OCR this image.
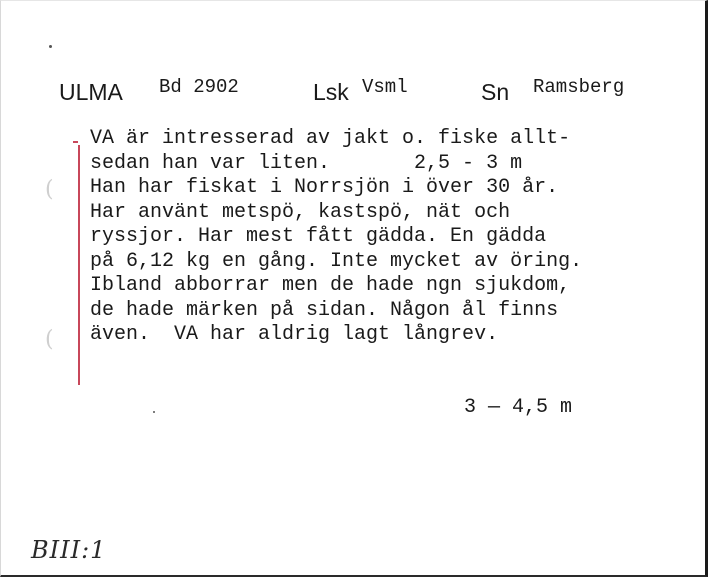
ULMA Bd 2902	Lsk Vsml	Sn Ramsberg
(
(
VA är intresserad av jakt o. fiske allt-
sedan han var liten.       2,5 - 3 m
Han har fiskat i Norrsjön i över 30 år.
Har använt metspö, kastspö, nät och
ryssjor. Har mest fått gädda. En gädda
på 6,12 kg en gång. Inte mycket av öring.
Ibland abborrar men de hade ngn sjukdom,
de hade märken på sidan. Någon ål finns
även.  VA har aldrig lagt långrev.
3 — 4,5 m
BIII:1
